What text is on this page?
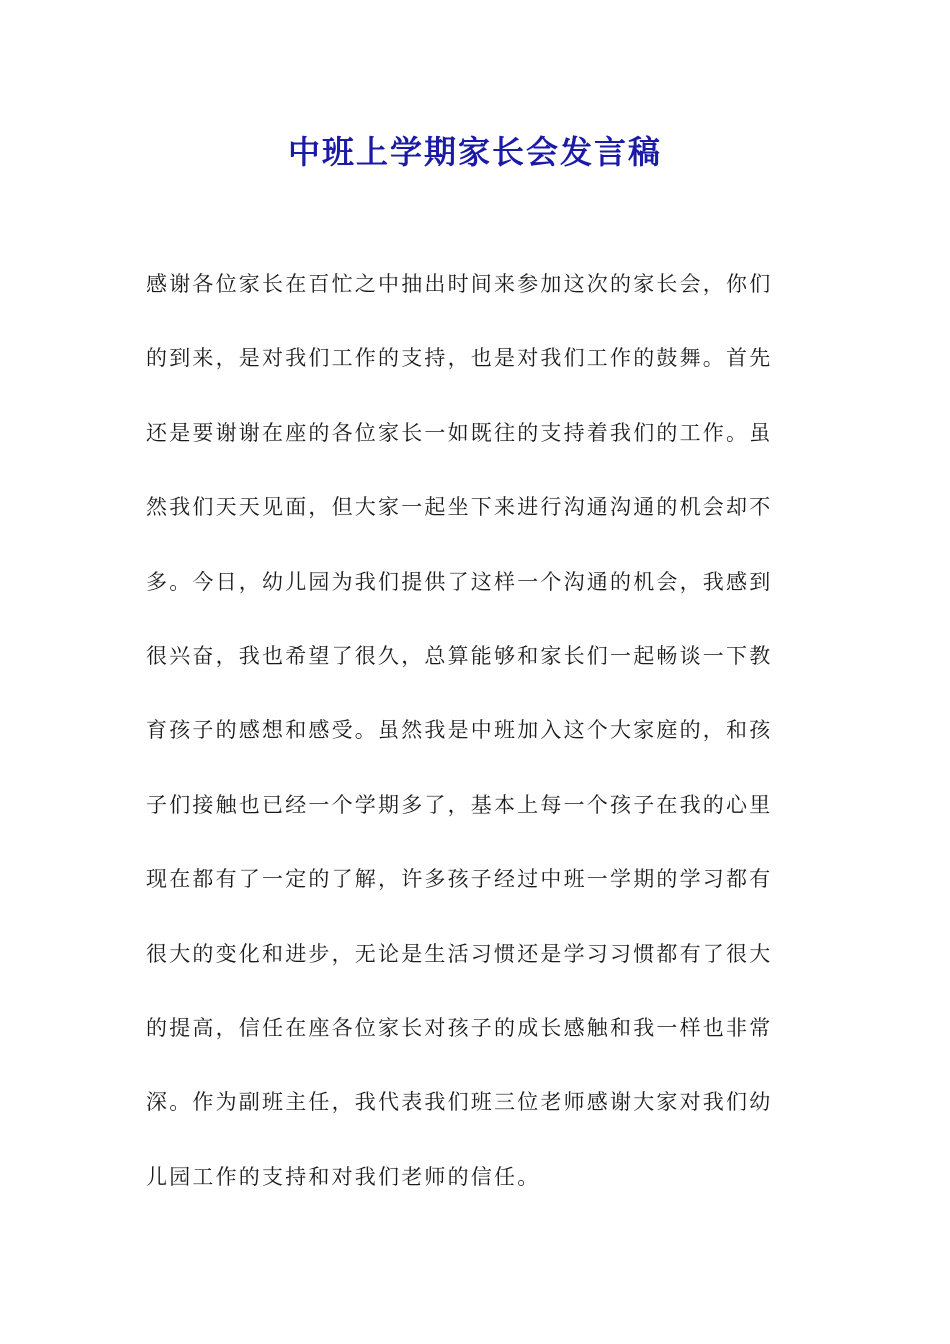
中班上学期家长会发言稿
感谢各位家长在百忙之中抽出时间来参加这次的家长会，你们
的到来，是对我们工作的支持，也是对我们工作的鼓舞。首先
还是要谢谢在座的各位家长一如既往的支持着我们的工作。虽
然我们天天见面，但大家一起坐下来进行沟通沟通的机会却不
多。今日，幼儿园为我们提供了这样一个沟通的机会，我感到
很兴奋，我也希望了很久，总算能够和家长们一起畅谈一下教
育孩子的感想和感受。虽然我是中班加入这个大家庭的，和孩
子们接触也已经一个学期多了，基本上每一个孩子在我的心里
现在都有了一定的了解，许多孩子经过中班一学期的学习都有
很大的变化和进步，无论是生活习惯还是学习习惯都有了很大
的提高，信任在座各位家长对孩子的成长感触和我一样也非常
深。作为副班主任，我代表我们班三位老师感谢大家对我们幼
儿园工作的支持和对我们老师的信任。
